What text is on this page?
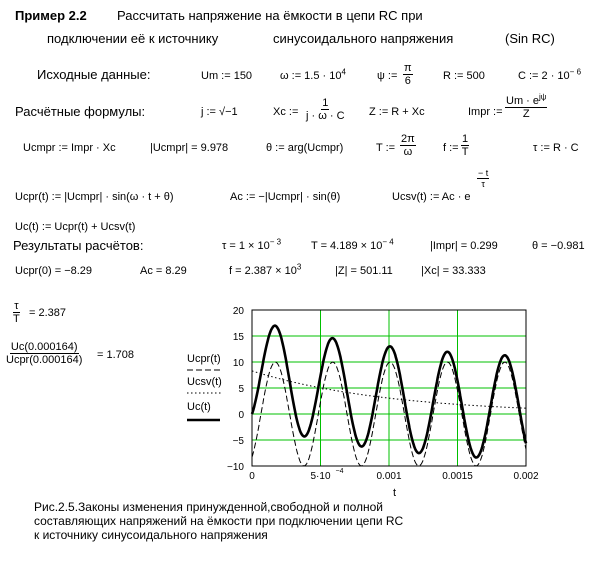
Пример 2.2 Рассчитать напряжение на ёмкости в цепи RC при
подключении её к источнику	синусоидального напряжения	(Sin RC)
Исходные данные:	Um := 150	ω := $1.5 \cdot 10^4$	ψ := $\frac{\pi}{6}$	R := 500	C := $2 \cdot 10^{- 6}$
Расчётные формулы:	j := √−1	Xc := $\frac{1}{j \cdot \omega \cdot C}$ Z := R + Xc	Impr :=
$Um \cdot e^{j\psi}$
Z
Ucmpr := Impr · Xc	|Ucmpr| = 9.978	θ := arg(Ucmpr)	T := $\frac{2\pi}{\omega}$ f := $\frac{1}{T}$	τ := R · C
Ucpr(t) := |Ucmpr| · sin(ω · t + θ)	Ac := −|Ucmpr| · sin(θ)	Ucsv(t) := Ac · e
$\frac{- t}{\tau}$
Uc(t) := Ucpr(t) + Ucsv(t)
Результаты расчётов:	$\tau = 1 \times 10^{- 3}$	$T = 4.189 \times 10^{- 4}$	|Impr| = 0.299	θ = −0.981
Ucpr(0) = −8.29	Ac = 8.29	$f = 2.387 \times 10^3$	|Z| = 501.11	|Xc| = 33.333
$\frac{\tau}{T} = 2.387$
Uc(0.000164)
Ucpr(0.000164) = 1.708
20
15
10
5
0
−5
−10
0	5·10 −4	0.001	0.0015	0.002
Ucpr(t)
Ucsv(t)
Uc(t)
t
Рис.2.5.Законы изменения принужденной,свободной и полной
составляющих напряжений на ёмкости при подключении цепи RC
к источнику синусоидального напряжения
